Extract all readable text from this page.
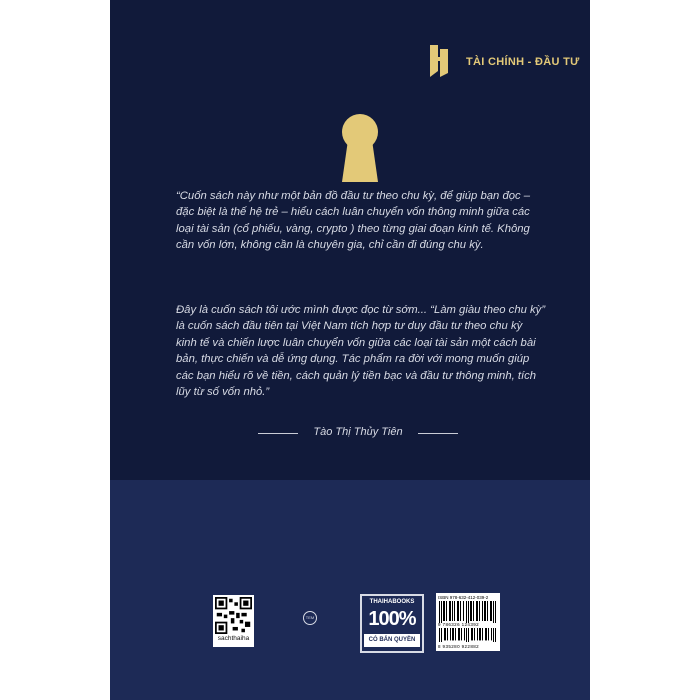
TÀI CHÍNH - ĐẦU TƯ

“Cuốn sách này như một bản đồ đầu tư theo chu kỳ, để giúp bạn đọc – đặc biệt là thế hệ trẻ – hiểu cách luân chuyển vốn thông minh giữa các loại tài sản (cổ phiếu, vàng, crypto ) theo từng giai đoạn kinh tế. Không cần vốn lớn, không cần là chuyên gia, chỉ cần đi đúng chu kỳ.

Đây là cuốn sách tôi ước mình được đọc từ sớm... “Làm giàu theo chu kỳ” là cuốn sách đầu tiên tại Việt Nam tích hợp tư duy đầu tư theo chu kỳ kinh tế và chiến lược luân chuyển vốn giữa các loại tài sản một cách bài bản, thực chiến và dễ ứng dụng. Tác phẩm ra đời với mong muốn giúp các bạn hiểu rõ về tiền, cách quản lý tiền bạc và đầu tư thông minh, tích lũy từ số vốn nhỏ.”

Tào Thị Thủy Tiên
sachthaiha
TEM
THAIHABOOKS
100%
CÓ BẢN QUYỀN
ISBN 978-632-412-039-2
9 786326 124392
8 935280 922882
